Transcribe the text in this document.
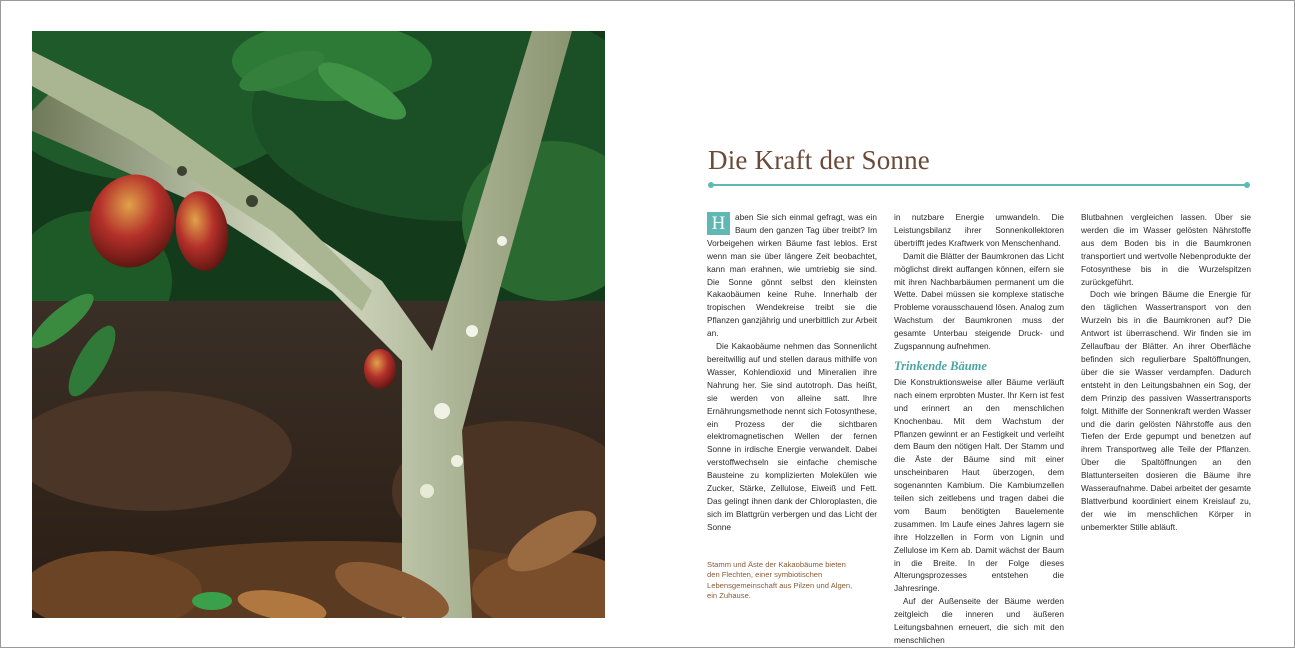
Stamm und Äste der Kakaobäume bieten den Flechten, einer symbiotischen Lebensgemeinschaft aus Pilzen und Algen, ein Zuhause.
Die Kraft der Sonne

H	aben Sie sich einmal gefragt, was ein Baum den ganzen Tag über treibt? Im Vorbeigehen wirken Bäume fast leblos. Erst wenn man sie über längere Zeit beobachtet, kann man erahnen, wie umtriebig sie sind. Die Sonne gönnt selbst den kleinsten Kakaobäumen keine Ruhe. Innerhalb der tropischen Wendekreise treibt sie die Pflanzen ganzjährig und unerbittlich zur Arbeit an.

Die Kakaobäume nehmen das Sonnenlicht bereitwillig auf und stellen daraus mithilfe von Wasser, Kohlendioxid und Mineralien ihre Nahrung her. Sie sind autotroph. Das heißt, sie werden von alleine satt. Ihre Ernährungsmethode nennt sich Fotosynthese, ein Prozess der die sichtbaren elektromagnetischen Wellen der fernen Sonne in irdische Energie verwandelt. Dabei verstoffwechseln sie einfache chemische Bausteine zu komplizierten Molekülen wie Zucker, Stärke, Zellulose, Eiweiß und Fett. Das gelingt ihnen dank der Chloroplasten, die sich im Blattgrün verbergen und das Licht der Sonne

in nutzbare Energie umwandeln. Die Leistungsbilanz ihrer Sonnenkollektoren übertrifft jedes Kraftwerk von Menschenhand.

Damit die Blätter der Baumkronen das Licht möglichst direkt auffangen können, eifern sie mit ihren Nachbarbäumen permanent um die Wette. Dabei müssen sie komplexe statische Probleme vorausschauend lösen. Analog zum Wachstum der Baumkronen muss der gesamte Unterbau steigende Druck- und Zugspannung aufnehmen.

Trinkende Bäume

Die Konstruktionsweise aller Bäume verläuft nach einem erprobten Muster. Ihr Kern ist fest und erinnert an den menschlichen Knochenbau. Mit dem Wachstum der Pflanzen gewinnt er an Festigkeit und verleiht dem Baum den nötigen Halt. Der Stamm und die Äste der Bäume sind mit einer unscheinbaren Haut überzogen, dem sogenannten Kambium. Die Kambiumzellen teilen sich zeitlebens und tragen dabei die vom Baum benötigten Bauelemente zusammen. Im Laufe eines Jahres lagern sie ihre Holzzellen in Form von Lignin und Zellulose im Kern ab. Damit wächst der Baum in die Breite. In der Folge dieses Alterungsprozesses entstehen die Jahresringe.

Auf der Außenseite der Bäume werden zeitgleich die inneren und äußeren Leitungsbahnen erneuert, die sich mit den menschlichen

Blutbahnen vergleichen lassen. Über sie werden die im Wasser gelösten Nährstoffe aus dem Boden bis in die Baumkronen transportiert und wertvolle Nebenprodukte der Fotosynthese bis in die Wurzelspitzen zurückgeführt.

Doch wie bringen Bäume die Energie für den täglichen Wassertransport von den Wurzeln bis in die Baumkronen auf? Die Antwort ist überraschend. Wir finden sie im Zellaufbau der Blätter. An ihrer Oberfläche befinden sich regulierbare Spaltöffnungen, über die sie Wasser verdampfen. Dadurch entsteht in den Leitungsbahnen ein Sog, der dem Prinzip des passiven Wassertransports folgt. Mithilfe der Sonnenkraft werden Wasser und die darin gelösten Nährstoffe aus den Tiefen der Erde gepumpt und benetzen auf ihrem Transportweg alle Teile der Pflanzen. Über die Spaltöffnungen an den Blattunterseiten dosieren die Bäume ihre Wasseraufnahme. Dabei arbeitet der gesamte Blattverbund koordiniert einem Kreislauf zu, der wie im menschlichen Körper in unbemerkter Stille abläuft.
